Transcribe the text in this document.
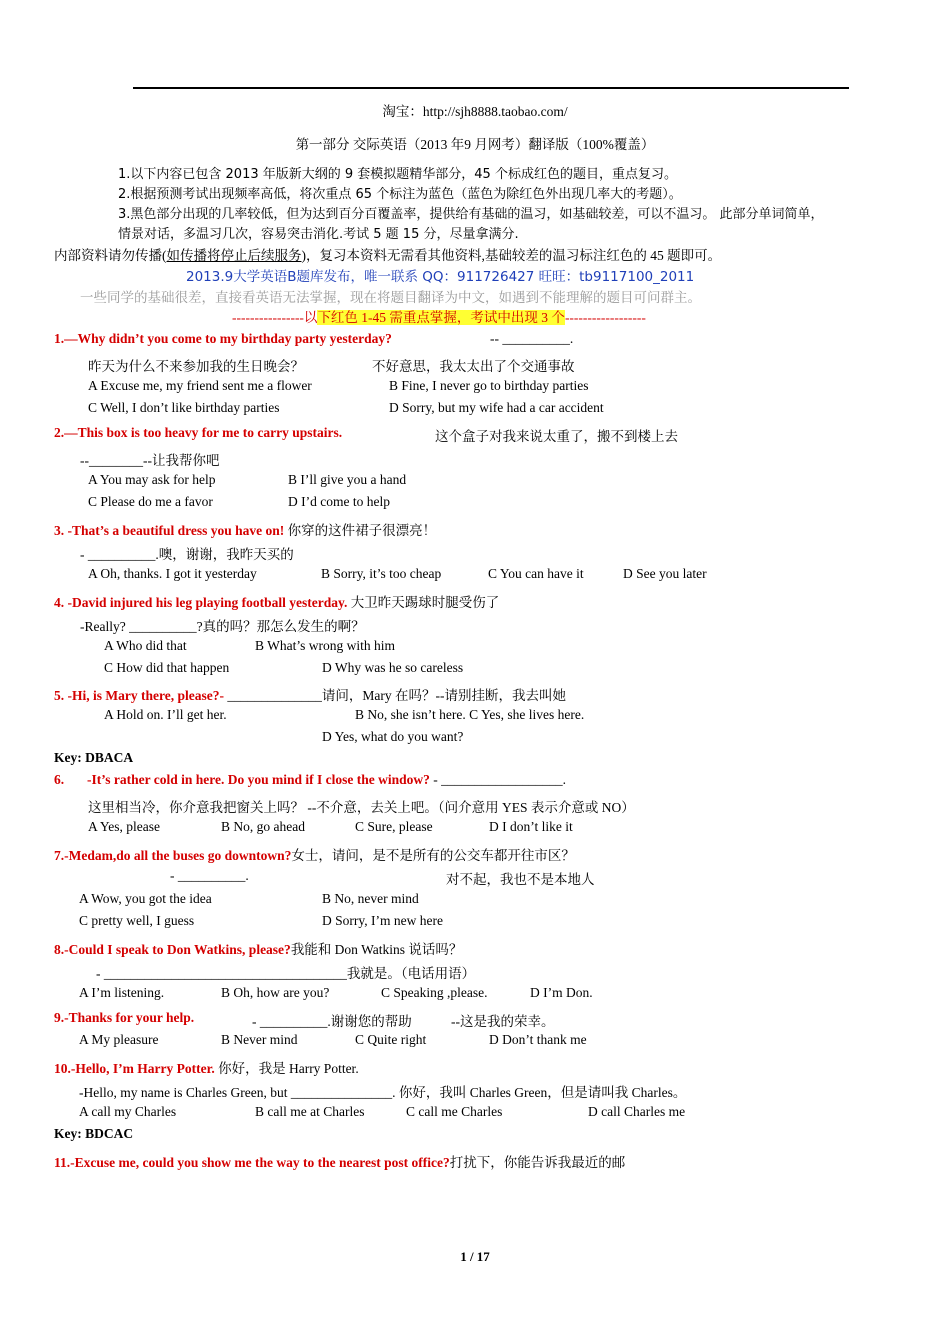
淘宝：http://sjh8888.taobao.com/
第一部分 交际英语（2013 年9 月网考）翻译版（100%覆盖）
1.以下内容已包含 2013 年版新大纲的 9 套模拟题精华部分，45 个标成红色的题目，重点复习。
2.根据预测考试出现频率高低，将次重点 65 个标注为蓝色（蓝色为除红色外出现几率大的考题）。
3.黑色部分出现的几率较低，但为达到百分百覆盖率，提供给有基础的温习，如基础较差，可以不温习。 此部分单词简单，
情景对话，多温习几次，容易突击消化.考试 5 题 15 分，尽量拿满分.
内部资料请勿传播(如传播将停止后续服务)，复习本资料无需看其他资料,基础较差的温习标注红色的 45 题即可。
2013.9大学英语B题库发布，唯一联系 QQ：911726427 旺旺：tb9117100_2011
一些同学的基础很差，直接看英语无法掌握，现在将题目翻译为中文，如遇到不能理解的题目可问群主。
----------------以下红色 1-45 需重点掌握，考试中出现 3 个------------------
1.—Why didn’t you come to my birthday party yesterday?	-- __________.
昨天为什么不来参加我的生日晚会？	不好意思，我太太出了个交通事故
A Excuse me, my friend sent me a flower	B Fine, I never go to birthday parties
C Well, I don’t like birthday parties	D Sorry, but my wife had a car accident
2.—This box is too heavy for me to carry upstairs.	这个盒子对我来说太重了，搬不到楼上去
--________--让我帮你吧
A You may ask for help	B I’ll give you a hand
C Please do me a favor	D I’d come to help
3. -That’s a beautiful dress you have on! 你穿的这件裙子很漂亮！
- __________.噢，谢谢，我昨天买的
A Oh, thanks. I got it yesterday	B Sorry, it’s too cheap	C You can have it	D See you later
4. -David injured his leg playing football yesterday. 大卫昨天踢球时腿受伤了
-Really? __________?真的吗？那怎么发生的啊？
A Who did that	B What’s wrong with him
C How did that happen	D Why was he so careless
5. -Hi, is Mary there, please?- ______________请问，Mary 在吗？--请别挂断，我去叫她
A Hold on. I’ll get her.	B No, she isn’t here. C Yes, she lives here.
D Yes, what do you want?
Key: DBACA
6. -It’s rather cold in here. Do you mind if I close the window? - __________________.
这里相当冷，你介意我把窗关上吗？ --不介意，去关上吧。（问介意用 YES 表示介意或 NO）
A Yes, please	B No, go ahead	C Sure, please	D I don’t like it
7.-Medam,do all the buses go downtown?女士，请问，是不是所有的公交车都开往市区？
- __________.	对不起，我也不是本地人
A Wow, you got the idea	B No, never mind
C pretty well, I guess	D Sorry, I’m new here
8.-Could I speak to Don Watkins, please?我能和 Don Watkins 说话吗？
- ____________________________________我就是。（电话用语）
A I’m listening.	B Oh, how are you?	C Speaking ,please.	D I’m Don.
9.-Thanks for your help.	- __________.谢谢您的帮助	--这是我的荣幸。
A My pleasure	B Never mind	C Quite right	D Don’t thank me
10.-Hello, I’m Harry Potter. 你好，我是 Harry Potter.
-Hello, my name is Charles Green, but _______________. 你好，我叫 Charles Green，但是请叫我 Charles。
A call my Charles	B call me at Charles	C call me Charles	D call Charles me
Key: BDCAC
11.-Excuse me, could you show me the way to the nearest post office?打扰下，你能告诉我最近的邮
1 / 17
